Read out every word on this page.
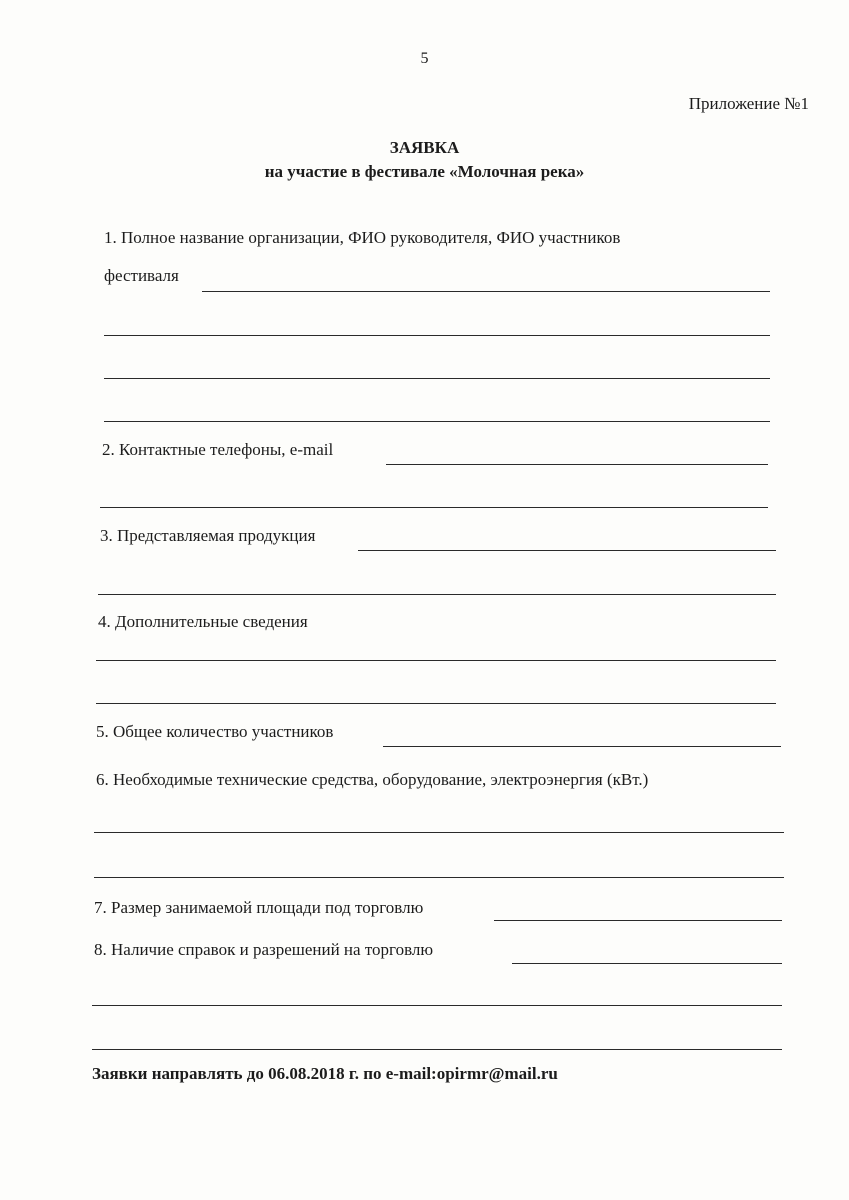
5
Приложение №1
ЗАЯВКА
на участие в фестивале «Молочная река»
1. Полное название организации, ФИО руководителя, ФИО участников
фестиваля
2. Контактные телефоны, e-mail
3. Представляемая продукция
4. Дополнительные сведения
5. Общее количество участников
6. Необходимые технические средства, оборудование, электроэнергия (кВт.)
7. Размер занимаемой площади под торговлю
8. Наличие справок и разрешений на торговлю
Заявки направлять до 06.08.2018 г. по e-mail:opirmr@mail.ru
